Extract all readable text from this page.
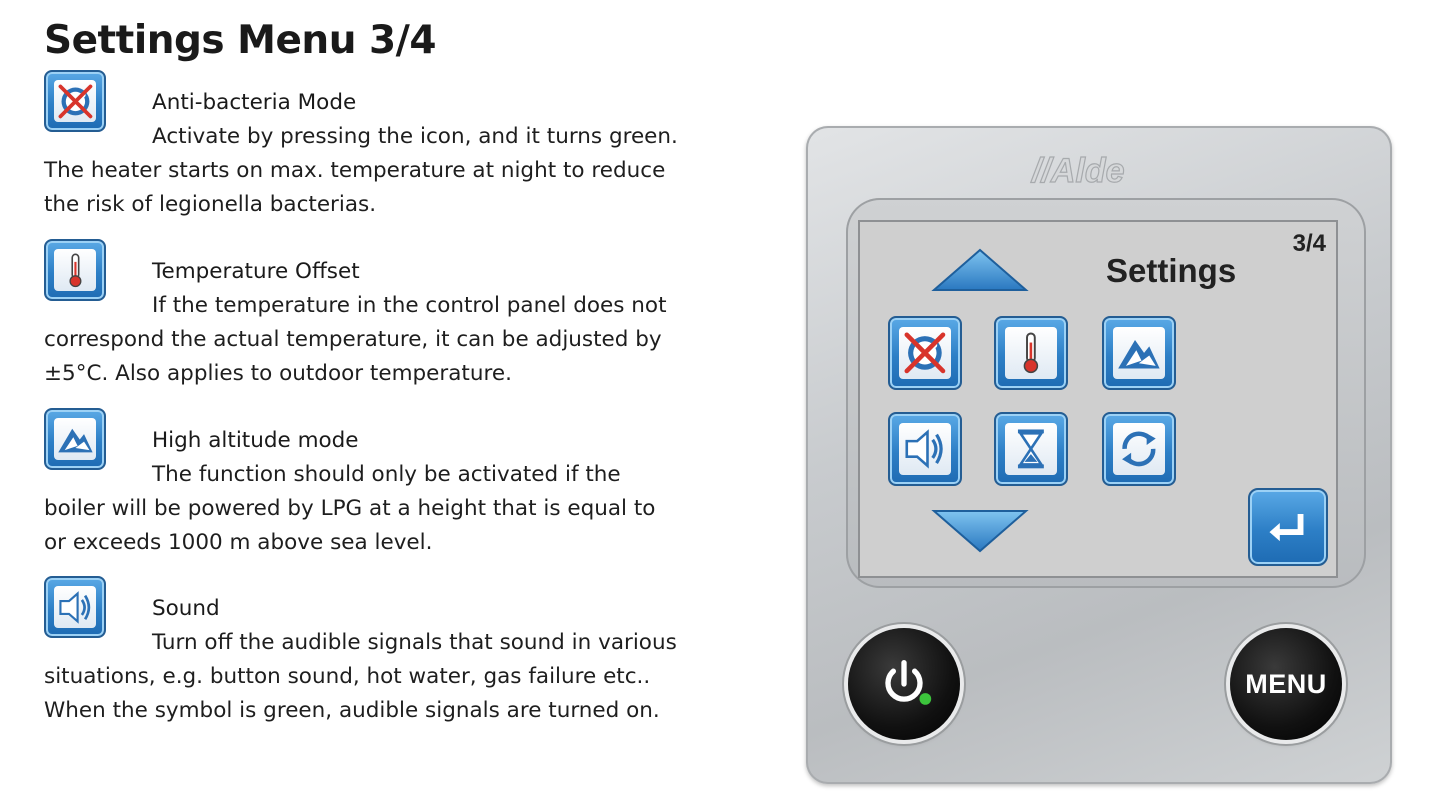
Settings Menu 3/4
Anti-bacteria Mode
Activate by pressing the icon, and it turns green. The heater starts on max. temperature at night to reduce the risk of legionella bacterias.
Temperature Offset
If the temperature in the control panel does not correspond the actual temperature, it can be adjusted by ±5°C. Also applies to outdoor temperature.
High altitude mode
The function should only be activated if the boiler will be powered by LPG at a height that is equal to or exceeds 1000 m above sea level.
Sound
Turn off the audible signals that sound in various situations, e.g. button sound, hot water, gas failure etc.. When the symbol is green, audible signals are turned on.
//Alde
3/4
Settings
MENU
